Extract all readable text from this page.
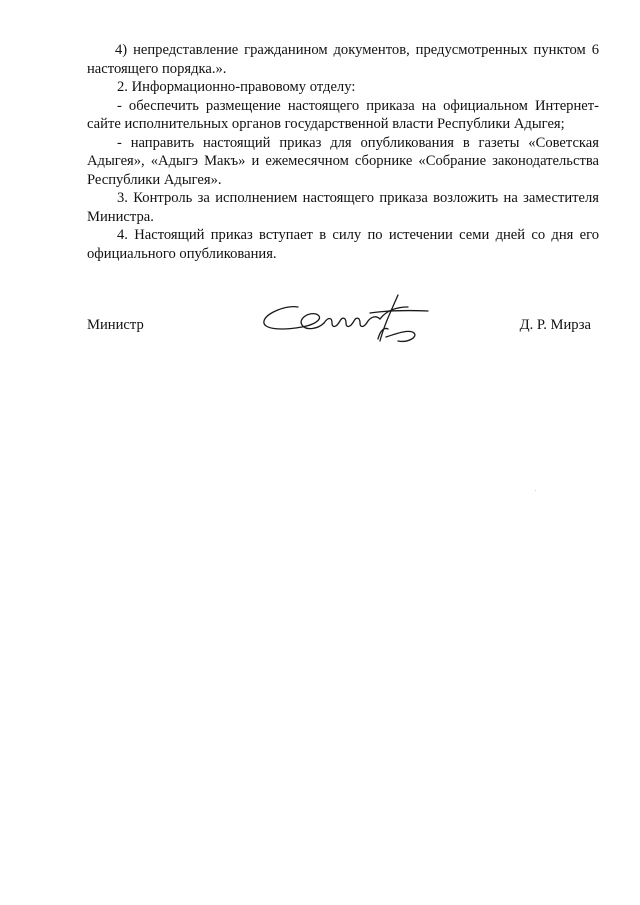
4) непредставление гражданином документов, предусмотренных пунктом 6 настоящего порядка.».

2. Информационно-правовому отделу:

- обеспечить размещение настоящего приказа на официальном Интернет-сайте исполнительных органов государственной власти Республики Адыгея;

- направить настоящий приказ для опубликования в газеты «Советская Адыгея», «Адыгэ Макъ» и ежемесячном сборнике «Собрание законодательства Республики Адыгея».

3. Контроль за исполнением настоящего приказа возложить на заместителя Министра.

4. Настоящий приказ вступает в силу по истечении семи дней со дня его официального опубликования.

Министр	Д. Р. Мирза
